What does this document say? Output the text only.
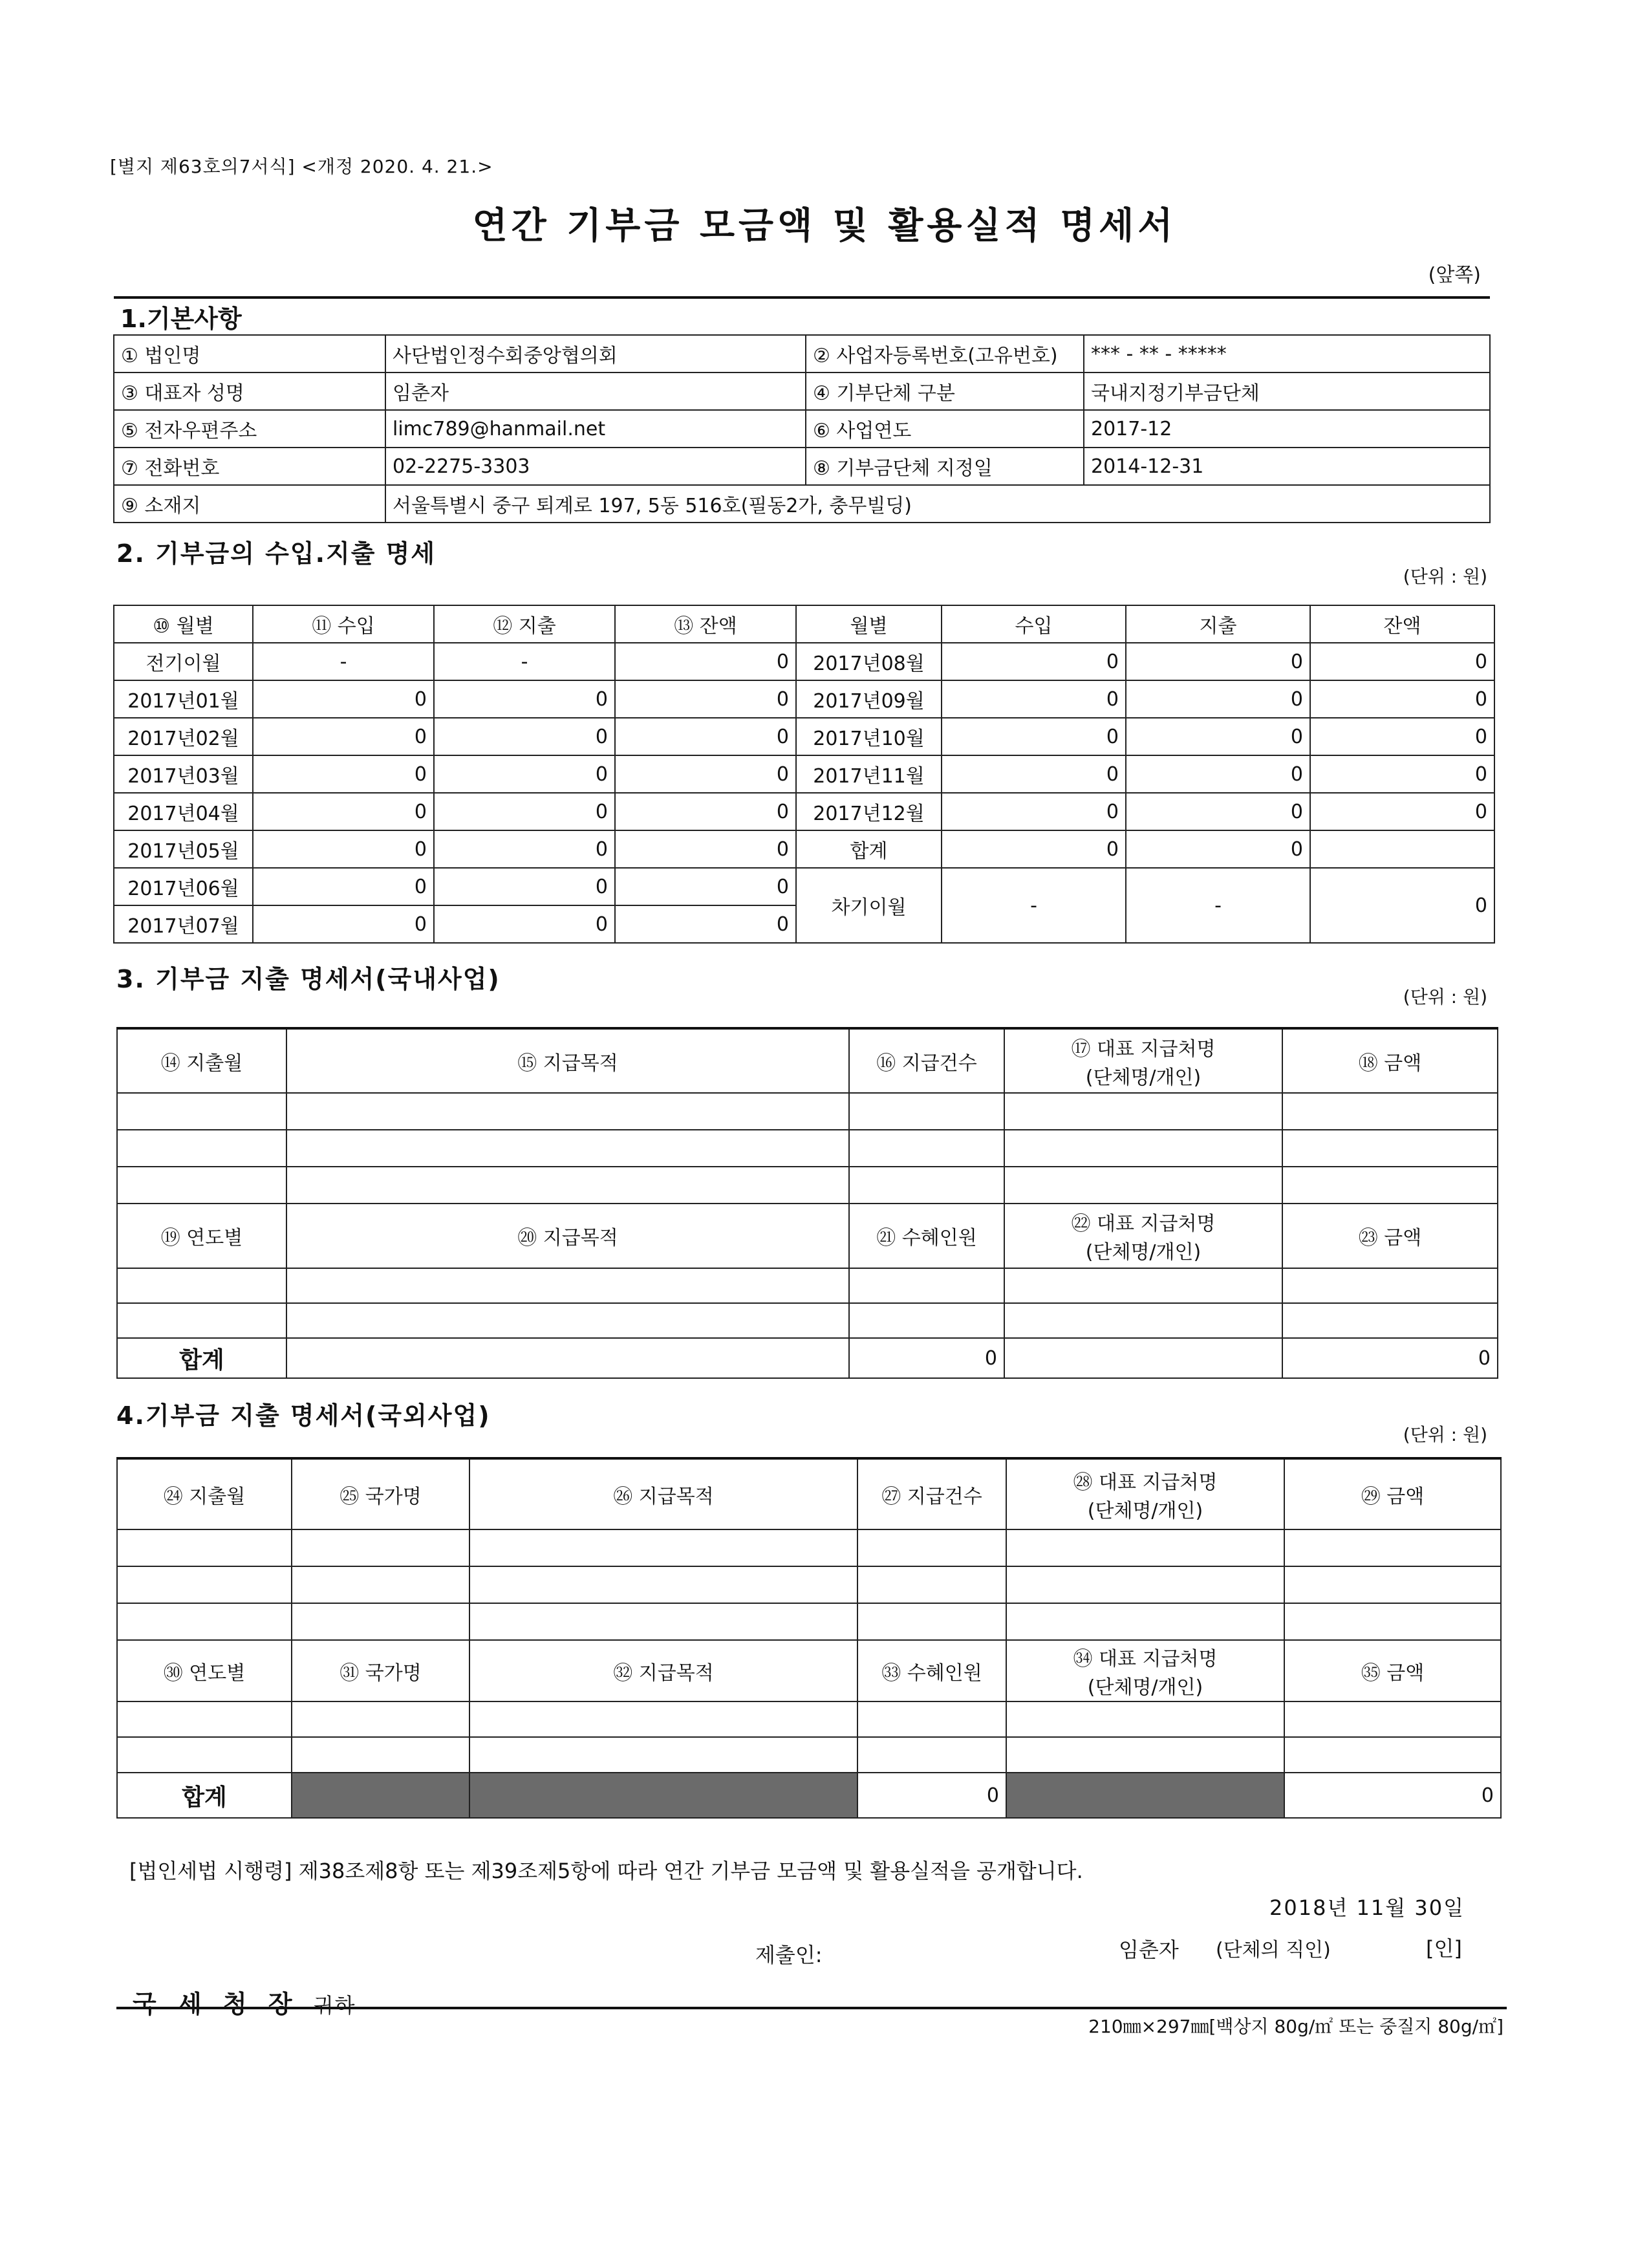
[별지 제63호의7서식] <개정 2020. 4. 21.>
연간 기부금 모금액 및 활용실적 명세서
(앞쪽)
1.기본사항			
① 법인명	사단법인정수회중앙협의회	② 사업자등록번호(고유번호)	*** - ** - *****
③ 대표자 성명	임춘자	④ 기부단체 구분	국내지정기부금단체
⑤ 전자우편주소	limc789@hanmail.net	⑥ 사업연도	2017-12
⑦ 전화번호	02-2275-3303	⑧ 기부금단체 지정일	2014-12-31
⑨ 소재지	서울특별시 중구 퇴계로 197, 5동 516호(필동2가, 충무빌딩)		
2. 기부금의 수입.지출 명세
(단위 : 원)
⑩ 월별	⑪ 수입	⑫ 지출	⑬ 잔액	월별	수입	지출	잔액
전기이월	-	-	0	2017년08월	0	0	0
2017년01월	0	0	0	2017년09월	0	0	0
2017년02월	0	0	0	2017년10월	0	0	0
2017년03월	0	0	0	2017년11월	0	0	0
2017년04월	0	0	0	2017년12월	0	0	0
2017년05월	0	0	0	합계	0	0	
2017년06월	0	0	0	차기이월	-	-	0
2017년07월	0	0	0				
3. 기부금 지출 명세서(국내사업)
(단위 : 원)
⑭ 지출월	⑮ 지급목적	⑯ 지급건수	⑰ 대표 지급처명
(단체명/개인)	⑱ 금액

⑲ 연도별	⑳ 지급목적	㉑ 수혜인원	㉒ 대표 지급처명
(단체명/개인)	㉓ 금액

합계		0		0
4.기부금 지출 명세서(국외사업)
(단위 : 원)
㉔ 지출월	㉕ 국가명	㉖ 지급목적	㉗ 지급건수	㉘ 대표 지급처명
(단체명/개인)	㉙ 금액

㉚ 연도별	㉛ 국가명	㉜ 지급목적	㉝ 수혜인원	㉞ 대표 지급처명
(단체명/개인)	㉟ 금액

합계			0		0
[법인세법 시행령] 제38조제8항 또는 제39조제5항에 따라 연간 기부금 모금액 및 활용실적을 공개합니다.
2018년 11월 30일
제출인:	임춘자 (단체의 직인)	[인]
국 세 청 장 귀하
210㎜×297㎜[백상지 80g/㎡ 또는 중질지 80g/㎡]
